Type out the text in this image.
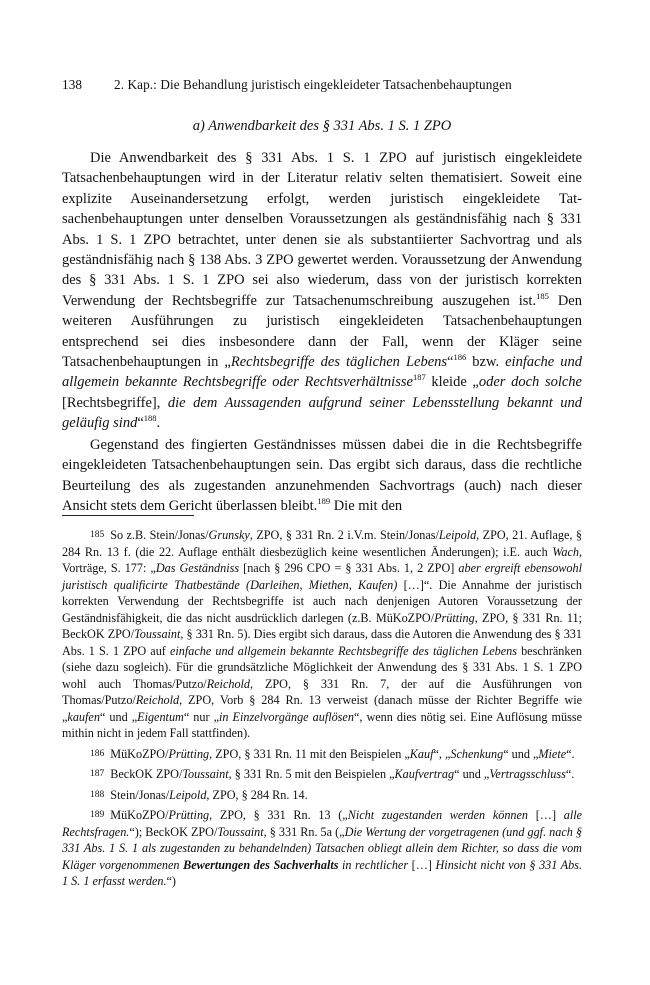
138 2. Kap.: Die Behandlung juristisch eingekleideter Tatsachenbehauptungen
a) Anwendbarkeit des § 331 Abs. 1 S. 1 ZPO

Die Anwendbarkeit des § 331 Abs. 1 S. 1 ZPO auf juristisch eingekleidete Tatsachenbehauptungen wird in der Literatur relativ selten thematisiert. Soweit eine explizite Auseinandersetzung erfolgt, werden juristisch eingekleidete Tatsachenbehauptungen unter denselben Voraussetzungen als geständnisfähig nach § 331 Abs. 1 S. 1 ZPO betrachtet, unter denen sie als substantiierter Sachvortrag und als geständnisfähig nach § 138 Abs. 3 ZPO gewertet werden. Voraussetzung der Anwendung des § 331 Abs. 1 S. 1 ZPO sei also wiederum, dass von der juristisch korrekten Verwendung der Rechtsbegriffe zur Tatsachenumschreibung auszugehen ist.$^{185}$ Den weiteren Ausführungen zu juristisch eingekleideten Tatsachenbehauptungen entsprechend sei dies insbesondere dann der Fall, wenn der Kläger seine Tatsachenbehauptungen in „Rechtsbegriffe des täglichen Lebens“$^{186}$ bzw. einfache und allgemein bekannte Rechtsbegriffe oder Rechtsverhältnisse$^{187}$ kleide „oder doch solche [Rechtsbegriffe], die dem Aussagenden aufgrund seiner Lebensstellung bekannt und geläufig sind“$^{188}$.

Gegenstand des fingierten Geständnisses müssen dabei die in die Rechtsbegriffe eingekleideten Tatsachenbehauptungen sein. Das ergibt sich daraus, dass die rechtliche Beurteilung des als zugestanden anzunehmenden Sachvortrags (auch) nach dieser Ansicht stets dem Gericht überlassen bleibt.$^{189}$ Die mit den

185 So z.B. Stein/Jonas/Grunsky, ZPO, § 331 Rn. 2 i.V.m. Stein/Jonas/Leipold, ZPO, 21. Auflage, § 284 Rn. 13 f. (die 22. Auflage enthält diesbezüglich keine wesentlichen Änderungen); i.E. auch Wach, Vorträge, S. 177: „Das Geständniss [nach § 296 CPO = § 331 Abs. 1, 2 ZPO] aber ergreift ebensowohl juristisch qualificirte Thatbestände (Darleihen, Miethen, Kaufen) […]“. Die Annahme der juristisch korrekten Verwendung der Rechtsbegriffe ist auch nach denjenigen Autoren Voraussetzung der Geständnisfähigkeit, die das nicht ausdrücklich darlegen (z.B. MüKoZPO/Prütting, ZPO, § 331 Rn. 11; BeckOK ZPO/Toussaint, § 331 Rn. 5). Dies ergibt sich daraus, dass die Autoren die Anwendung des § 331 Abs. 1 S. 1 ZPO auf einfache und allgemein bekannte Rechtsbegriffe des täglichen Lebens beschränken (siehe dazu sogleich). Für die grundsätzliche Möglichkeit der Anwendung des § 331 Abs. 1 S. 1 ZPO wohl auch Thomas/Putzo/Reichold, ZPO, § 331 Rn. 7, der auf die Ausführungen von Thomas/Putzo/Reichold, ZPO, Vorb § 284 Rn. 13 verweist (danach müsse der Richter Begriffe wie „kaufen“ und „Eigentum“ nur „in Einzelvorgänge auflösen“, wenn dies nötig sei. Eine Auflösung müsse mithin nicht in jedem Fall stattfinden).

186 MüKoZPO/Prütting, ZPO, § 331 Rn. 11 mit den Beispielen „Kauf“, „Schenkung“ und „Miete“.

187 BeckOK ZPO/Toussaint, § 331 Rn. 5 mit den Beispielen „Kaufvertrag“ und „Vertragsschluss“.

188 Stein/Jonas/Leipold, ZPO, § 284 Rn. 14.

189 MüKoZPO/Prütting, ZPO, § 331 Rn. 13 („Nicht zugestanden werden können […] alle Rechtsfragen.“); BeckOK ZPO/Toussaint, § 331 Rn. 5a („Die Wertung der vorgetragenen (und ggf. nach § 331 Abs. 1 S. 1 als zugestanden zu behandelnden) Tatsachen obliegt allein dem Richter, so dass die vom Kläger vorgenommenen Bewertungen des Sachverhalts in rechtlicher […] Hinsicht nicht von § 331 Abs. 1 S. 1 erfasst werden.“)
